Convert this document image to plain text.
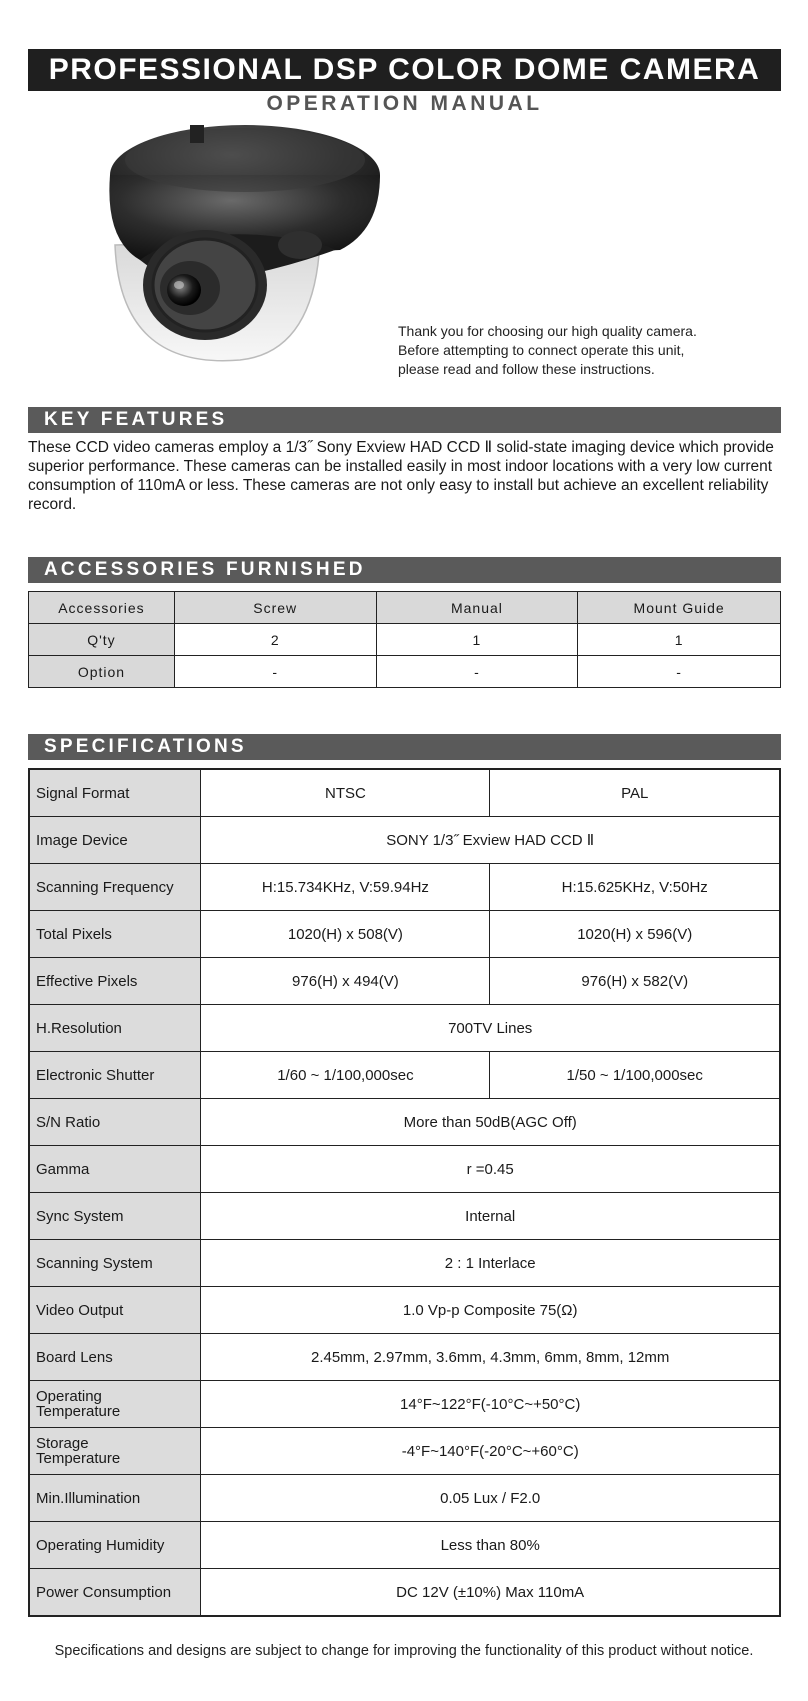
PROFESSIONAL DSP COLOR DOME CAMERA
OPERATION MANUAL
Thank you for choosing our high quality camera.
Before attempting to connect operate this unit,
please read and follow these instructions.
KEY FEATURES
These CCD video cameras employ a 1/3˝ Sony Exview HAD CCD Ⅱ solid-state imaging device which provide superior performance. These cameras can be installed easily in most indoor locations with a very low current consumption of 110mA or less. These cameras are not only easy to install but achieve an excellent reliability record.
ACCESSORIES FURNISHED
Accessories	Screw	Manual	Mount Guide
Q'ty	2	1	1
Option	-	-	-
SPECIFICATIONS
Signal Format	NTSC	PAL
Image Device	SONY 1/3˝ Exview HAD CCD Ⅱ	
Scanning Frequency	H:15.734KHz, V:59.94Hz	H:15.625KHz, V:50Hz
Total Pixels	1020(H) x 508(V)	1020(H) x 596(V)
Effective Pixels	976(H) x 494(V)	976(H) x 582(V)
H.Resolution	700TV Lines	
Electronic Shutter	1/60 ~ 1/100,000sec	1/50 ~ 1/100,000sec
S/N Ratio	More than 50dB(AGC Off)	
Gamma	r =0.45	
Sync System	Internal	
Scanning System	2 : 1 Interlace	
Video Output	1.0 Vp-p Composite 75(Ω)	
Board Lens	2.45mm, 2.97mm, 3.6mm, 4.3mm, 6mm, 8mm, 12mm	

Operating
Temperature	14°F~122°F(-10°C~+50°C)	

Storage
Temperature	-4°F~140°F(-20°C~+60°C)	
Min.Illumination	0.05 Lux / F2.0	
Operating Humidity	Less than 80%	
Power Consumption	DC 12V (±10%) Max 110mA	
Specifications and designs are subject to change for improving the functionality of this product without notice.
